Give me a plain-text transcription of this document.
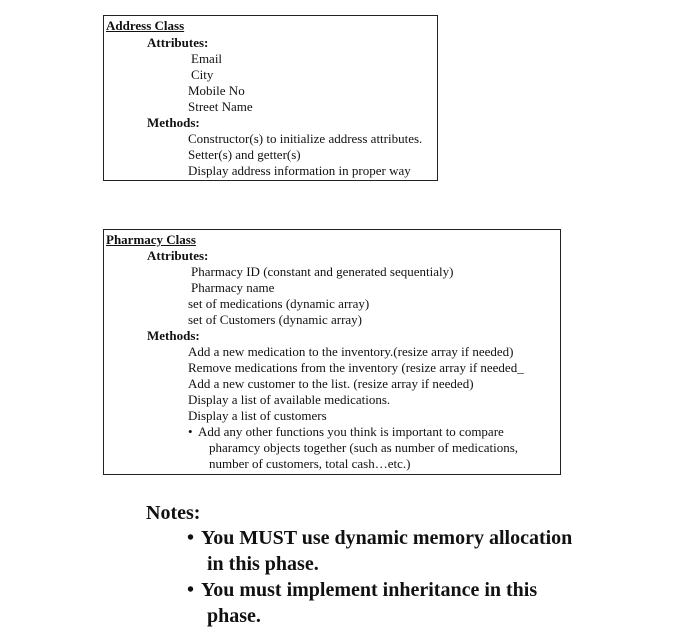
Address Class
Attributes:
Email
City
Mobile No
Street Name
Methods:
Constructor(s) to initialize address attributes.
Setter(s) and getter(s)
Display address information in proper way
Pharmacy Class
Attributes:
Pharmacy ID (constant and generated sequentialy)
Pharmacy name
set of medications (dynamic array)
set of Customers (dynamic array)
Methods:
Add a new medication to the inventory.(resize array if needed)
Remove medications from the inventory (resize array if needed_
Add a new customer to the list. (resize array if needed)
Display a list of available medications.
Display a list of customers
• Add any other functions you think is important to compare
pharamcy objects together (such as number of medications,
number of customers, total cash…etc.)
Notes:
• You MUST use dynamic memory allocation
in this phase.
• You must implement inheritance in this
phase.
